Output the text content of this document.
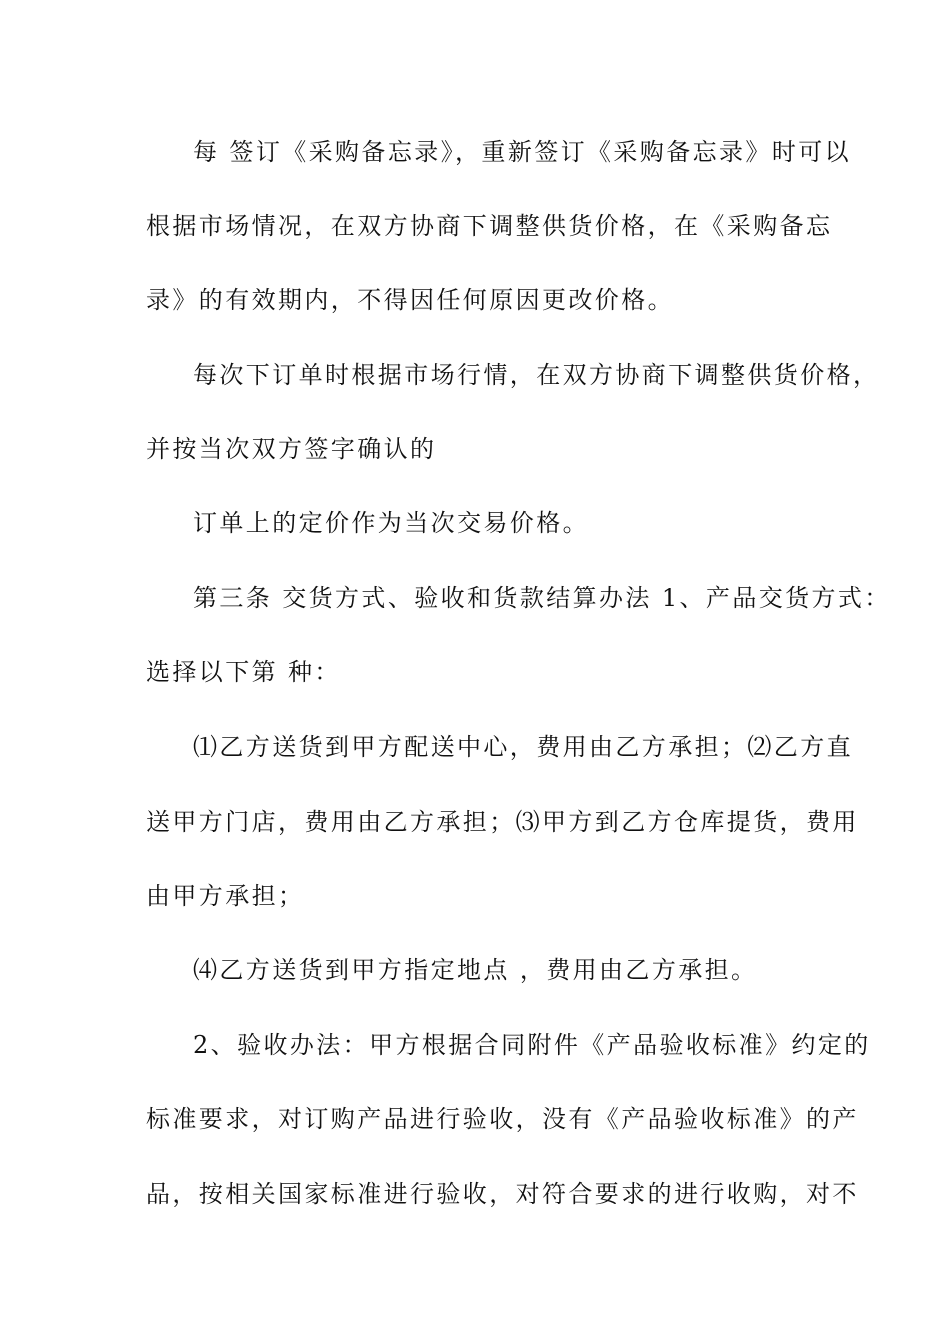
每 签订《采购备忘录》，重新签订《采购备忘录》时可以
根据市场情况，在双方协商下调整供货价格，在《采购备忘
录》的有效期内，不得因任何原因更改价格。
每次下订单时根据市场行情，在双方协商下调整供货价格，
并按当次双方签字确认的
订单上的定价作为当次交易价格。
第三条 交货方式、验收和货款结算办法 1、产品交货方式：
选择以下第 种：
⑴乙方送货到甲方配送中心，费用由乙方承担；⑵乙方直
送甲方门店，费用由乙方承担；⑶甲方到乙方仓库提货，费用
由甲方承担；
⑷乙方送货到甲方指定地点 ，费用由乙方承担。
2、验收办法：甲方根据合同附件《产品验收标准》约定的
标准要求，对订购产品进行验收，没有《产品验收标准》的产
品，按相关国家标准进行验收，对符合要求的进行收购，对不
